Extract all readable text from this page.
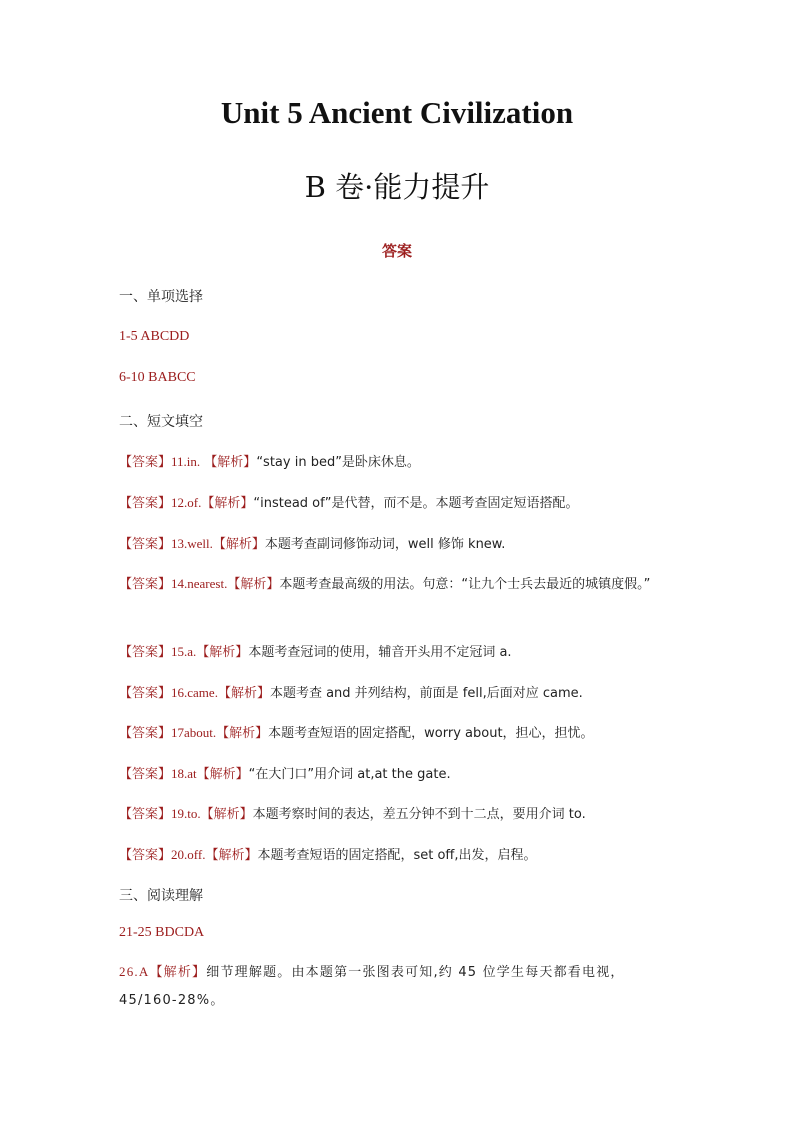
Unit 5 Ancient Civilization
B 卷·能力提升
答案
一、单项选择
1-5 ABCDD
6-10 BABCC
二、短文填空
【答案】11.in. 【解析】“stay in bed”是卧床休息。
【答案】12.of.【解析】“instead of”是代替，而不是。本题考查固定短语搭配。
【答案】13.well.【解析】本题考查副词修饰动词，well 修饰 knew.
【答案】14.nearest.【解析】本题考查最高级的用法。句意：“让九个士兵去最近的城镇度假。”
【答案】15.a.【解析】本题考查冠词的使用，辅音开头用不定冠词 a.
【答案】16.came.【解析】本题考查 and 并列结构，前面是 fell,后面对应 came.
【答案】17about.【解析】本题考查短语的固定搭配，worry about，担心，担忧。
【答案】18.at【解析】“在大门口”用介词 at,at the gate.
【答案】19.to.【解析】本题考察时间的表达，差五分钟不到十二点，要用介词 to.
【答案】20.off.【解析】本题考查短语的固定搭配，set off,出发，启程。
三、阅读理解
21-25 BDCDA
26.A【解析】细节理解题。由本题第一张图表可知,约 45 位学生每天都看电视，45/160-28%。
